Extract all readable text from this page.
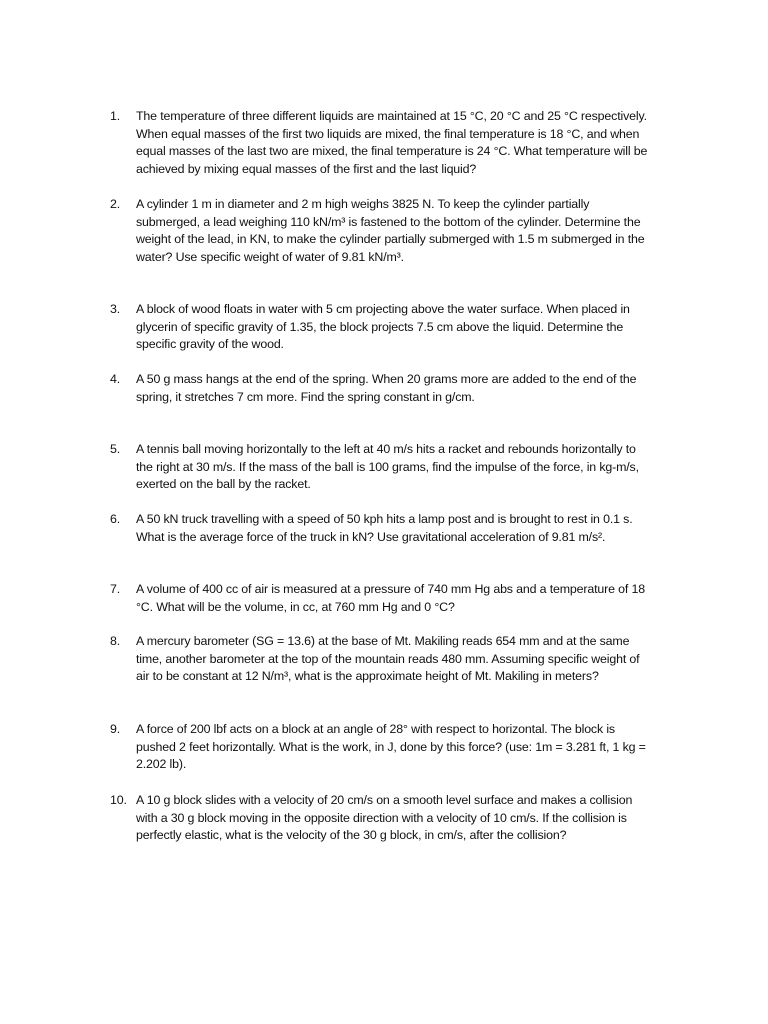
1.	The temperature of three different liquids are maintained at 15 °C, 20 °C and 25 °C respectively.
When equal masses of the first two liquids are mixed, the final temperature is 18 °C, and when
equal masses of the last two are mixed, the final temperature is 24 °C. What temperature will be
achieved by mixing equal masses of the first and the last liquid?
2.	A cylinder 1 m in diameter and 2 m high weighs 3825 N. To keep the cylinder partially
submerged, a lead weighing 110 kN/m³ is fastened to the bottom of the cylinder. Determine the
weight of the lead, in KN, to make the cylinder partially submerged with 1.5 m submerged in the
water? Use specific weight of water of 9.81 kN/m³.
3.	A block of wood floats in water with 5 cm projecting above the water surface. When placed in
glycerin of specific gravity of 1.35, the block projects 7.5 cm above the liquid. Determine the
specific gravity of the wood.
4.	A 50 g mass hangs at the end of the spring. When 20 grams more are added to the end of the
spring, it stretches 7 cm more. Find the spring constant in g/cm.
5.	A tennis ball moving horizontally to the left at 40 m/s hits a racket and rebounds horizontally to
the right at 30 m/s. If the mass of the ball is 100 grams, find the impulse of the force, in kg-m/s,
exerted on the ball by the racket.
6.	A 50 kN truck travelling with a speed of 50 kph hits a lamp post and is brought to rest in 0.1 s.
What is the average force of the truck in kN? Use gravitational acceleration of 9.81 m/s².
7.	A volume of 400 cc of air is measured at a pressure of 740 mm Hg abs and a temperature of 18
°C. What will be the volume, in cc, at 760 mm Hg and 0 °C?
8.	A mercury barometer (SG = 13.6) at the base of Mt. Makiling reads 654 mm and at the same
time, another barometer at the top of the mountain reads 480 mm. Assuming specific weight of
air to be constant at 12 N/m³, what is the approximate height of Mt. Makiling in meters?
9.	A force of 200 lbf acts on a block at an angle of 28° with respect to horizontal. The block is
pushed 2 feet horizontally. What is the work, in J, done by this force? (use: 1m = 3.281 ft, 1 kg =
2.202 lb).
10. A 10 g block slides with a velocity of 20 cm/s on a smooth level surface and makes a collision
with a 30 g block moving in the opposite direction with a velocity of 10 cm/s. If the collision is
perfectly elastic, what is the velocity of the 30 g block, in cm/s, after the collision?
